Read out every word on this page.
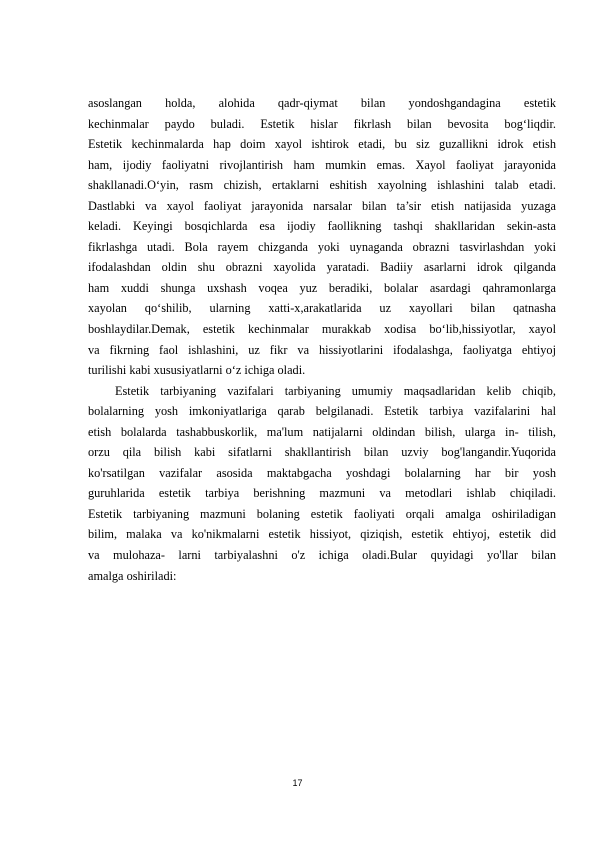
asoslangan holda, alohida qadr-qiymat bilan yondoshgandagina estetik
kechinmalar paydo buladi. Estetik hislar fikrlash bilan bevosita bog‘liqdir.
Estetik kechinmalarda hap doim xayol ishtirok etadi, bu siz guzallikni idrok etish
ham, ijodiy faoliyatni rivojlantirish ham mumkin emas. Xayol faoliyat jarayonida
shakllanadi.O‘yin, rasm chizish, ertaklarni eshitish xayolning ishlashini talab etadi.
Dastlabki va xayol faoliyat jarayonida narsalar bilan ta’sir etish natijasida yuzaga
keladi. Keyingi bosqichlarda esa ijodiy faollikning tashqi shakllaridan sekin-asta
fikrlashga utadi. Bola rayem chizganda yoki uynaganda obrazni tasvirlashdan yoki
ifodalashdan oldin shu obrazni xayolida yaratadi. Badiiy asarlarni idrok qilganda
ham xuddi shunga uxshash voqea yuz beradiki, bolalar asardagi qahramonlarga
xayolan qo‘shilib, ularning xatti-x,arakatlarida uz xayollari bilan qatnasha
boshlaydilar.Demak, estetik kechinmalar murakkab xodisa bo‘lib,hissiyotlar, xayol
va fikrning faol ishlashini, uz fikr va hissiyotlarini ifodalashga, faoliyatga ehtiyoj
turilishi kabi xususiyatlarni o‘z ichiga oladi.
Estetik tarbiyaning vazifalari tarbiyaning umumiy maqsadlaridan kelib chiqib,
bolalarning yosh imkoniyatlariga qarab belgilanadi. Estetik tarbiya vazifalarini hal
etish bolalarda tashabbuskorlik, ma'lum natijalarni oldindan bilish, ularga in- tilish,
orzu qila bilish kabi sifatlarni shakllantirish bilan uzviy bog'langandir.Yuqorida
ko'rsatilgan vazifalar asosida maktabgacha yoshdagi bolalarning har bir yosh
guruhlarida estetik tarbiya berishning mazmuni va metodlari ishlab chiqiladi.
Estetik tarbiyaning mazmuni bolaning estetik faoliyati orqali amalga oshiriladigan
bilim, malaka va ko'nikmalarni estetik hissiyot, qiziqish, estetik ehtiyoj, estetik did
va mulohaza- larni tarbiyalashni o'z ichiga oladi.Bular quyidagi yo'llar bilan
amalga oshiriladi:
17
